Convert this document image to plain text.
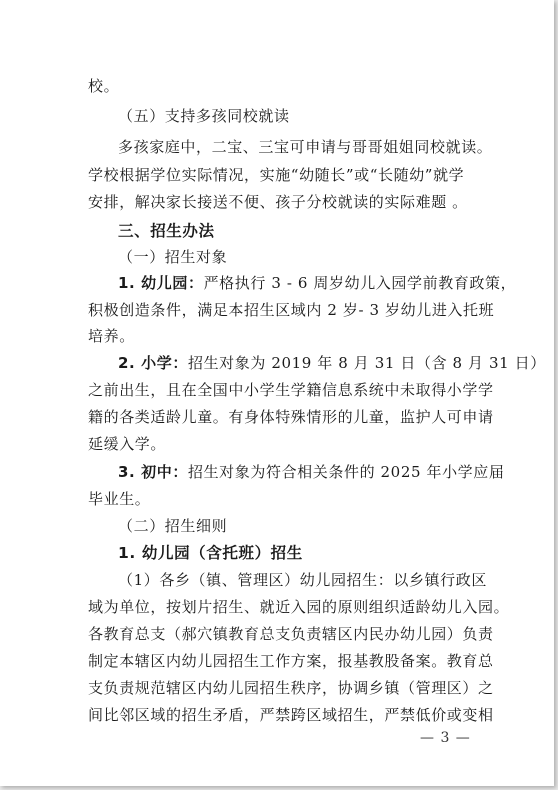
校。
（五）支持多孩同校就读
多孩家庭中，二宝、三宝可申请与哥哥姐姐同校就读。
学校根据学位实际情况，实施“幼随长”或“长随幼”就学
安排，解决家长接送不便、孩子分校就读的实际难题 。
三、招生办法
（一）招生对象
1. 幼儿园：严格执行 3 - 6 周岁幼儿入园学前教育政策，
积极创造条件，满足本招生区域内 2 岁- 3 岁幼儿进入托班
培养。
2. 小学：招生对象为 2019 年 8 月 31 日（含 8 月 31 日）
之前出生，且在全国中小学生学籍信息系统中未取得小学学
籍的各类适龄儿童。有身体特殊情形的儿童，监护人可申请
延缓入学。
3. 初中：招生对象为符合相关条件的 2025 年小学应届
毕业生。
（二）招生细则
1. 幼儿园（含托班）招生
（1）各乡（镇、管理区）幼儿园招生：以乡镇行政区
域为单位，按划片招生、就近入园的原则组织适龄幼儿入园。
各教育总支（郝穴镇教育总支负责辖区内民办幼儿园）负责
制定本辖区内幼儿园招生工作方案，报基教股备案。教育总
支负责规范辖区内幼儿园招生秩序，协调乡镇（管理区）之
间比邻区域的招生矛盾，严禁跨区域招生，严禁低价或变相
— 3 —
